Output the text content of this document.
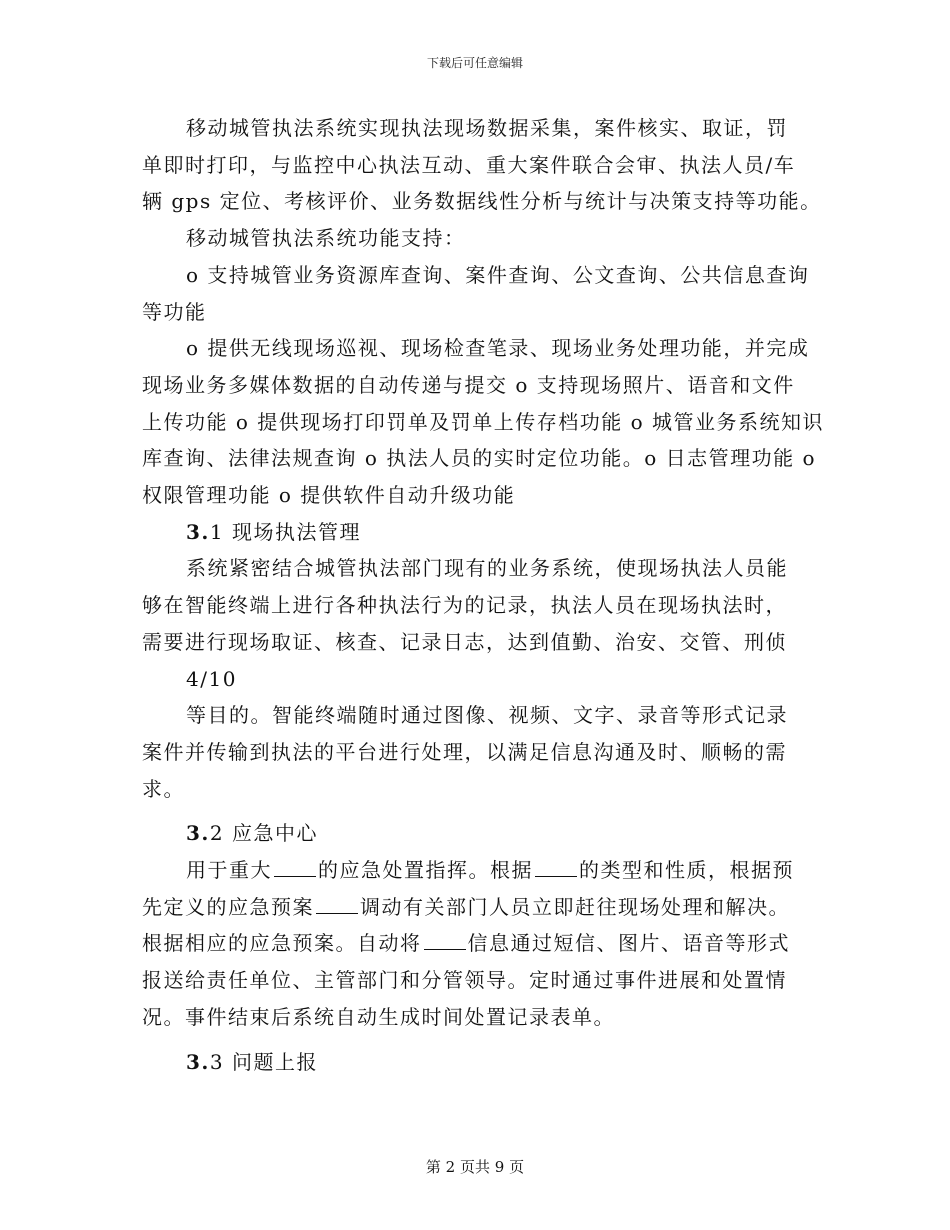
下载后可任意编辑

移动城管执法系统实现执法现场数据采集，案件核实、取证，罚
单即时打印，与监控中心执法互动、重大案件联合会审、执法人员/车
辆 gps 定位、考核评价、业务数据线性分析与统计与决策支持等功能。

移动城管执法系统功能支持：

o 支持城管业务资源库查询、案件查询、公文查询、公共信息查询
等功能

o 提供无线现场巡视、现场检查笔录、现场业务处理功能，并完成
现场业务多媒体数据的自动传递与提交 o 支持现场照片、语音和文件
上传功能 o 提供现场打印罚单及罚单上传存档功能 o 城管业务系统知识
库查询、法律法规查询 o 执法人员的实时定位功能。o 日志管理功能 o
权限管理功能 o 提供软件自动升级功能

3.1 现场执法管理

系统紧密结合城管执法部门现有的业务系统，使现场执法人员能
够在智能终端上进行各种执法行为的记录，执法人员在现场执法时，
需要进行现场取证、核查、记录日志，达到值勤、治安、交管、刑侦

4/10

等目的。智能终端随时通过图像、视频、文字、录音等形式记录
案件并传输到执法的平台进行处理，以满足信息沟通及时、顺畅的需
求。

3.2 应急中心

用于重大 的应急处置指挥。根据 的类型和性质，根据预
先定义的应急预案 调动有关部门人员立即赶往现场处理和解决。
根据相应的应急预案。自动将 信息通过短信、图片、语音等形式
报送给责任单位、主管部门和分管领导。定时通过事件进展和处置情
况。事件结束后系统自动生成时间处置记录表单。

3.3 问题上报

第 2 页共 9 页
